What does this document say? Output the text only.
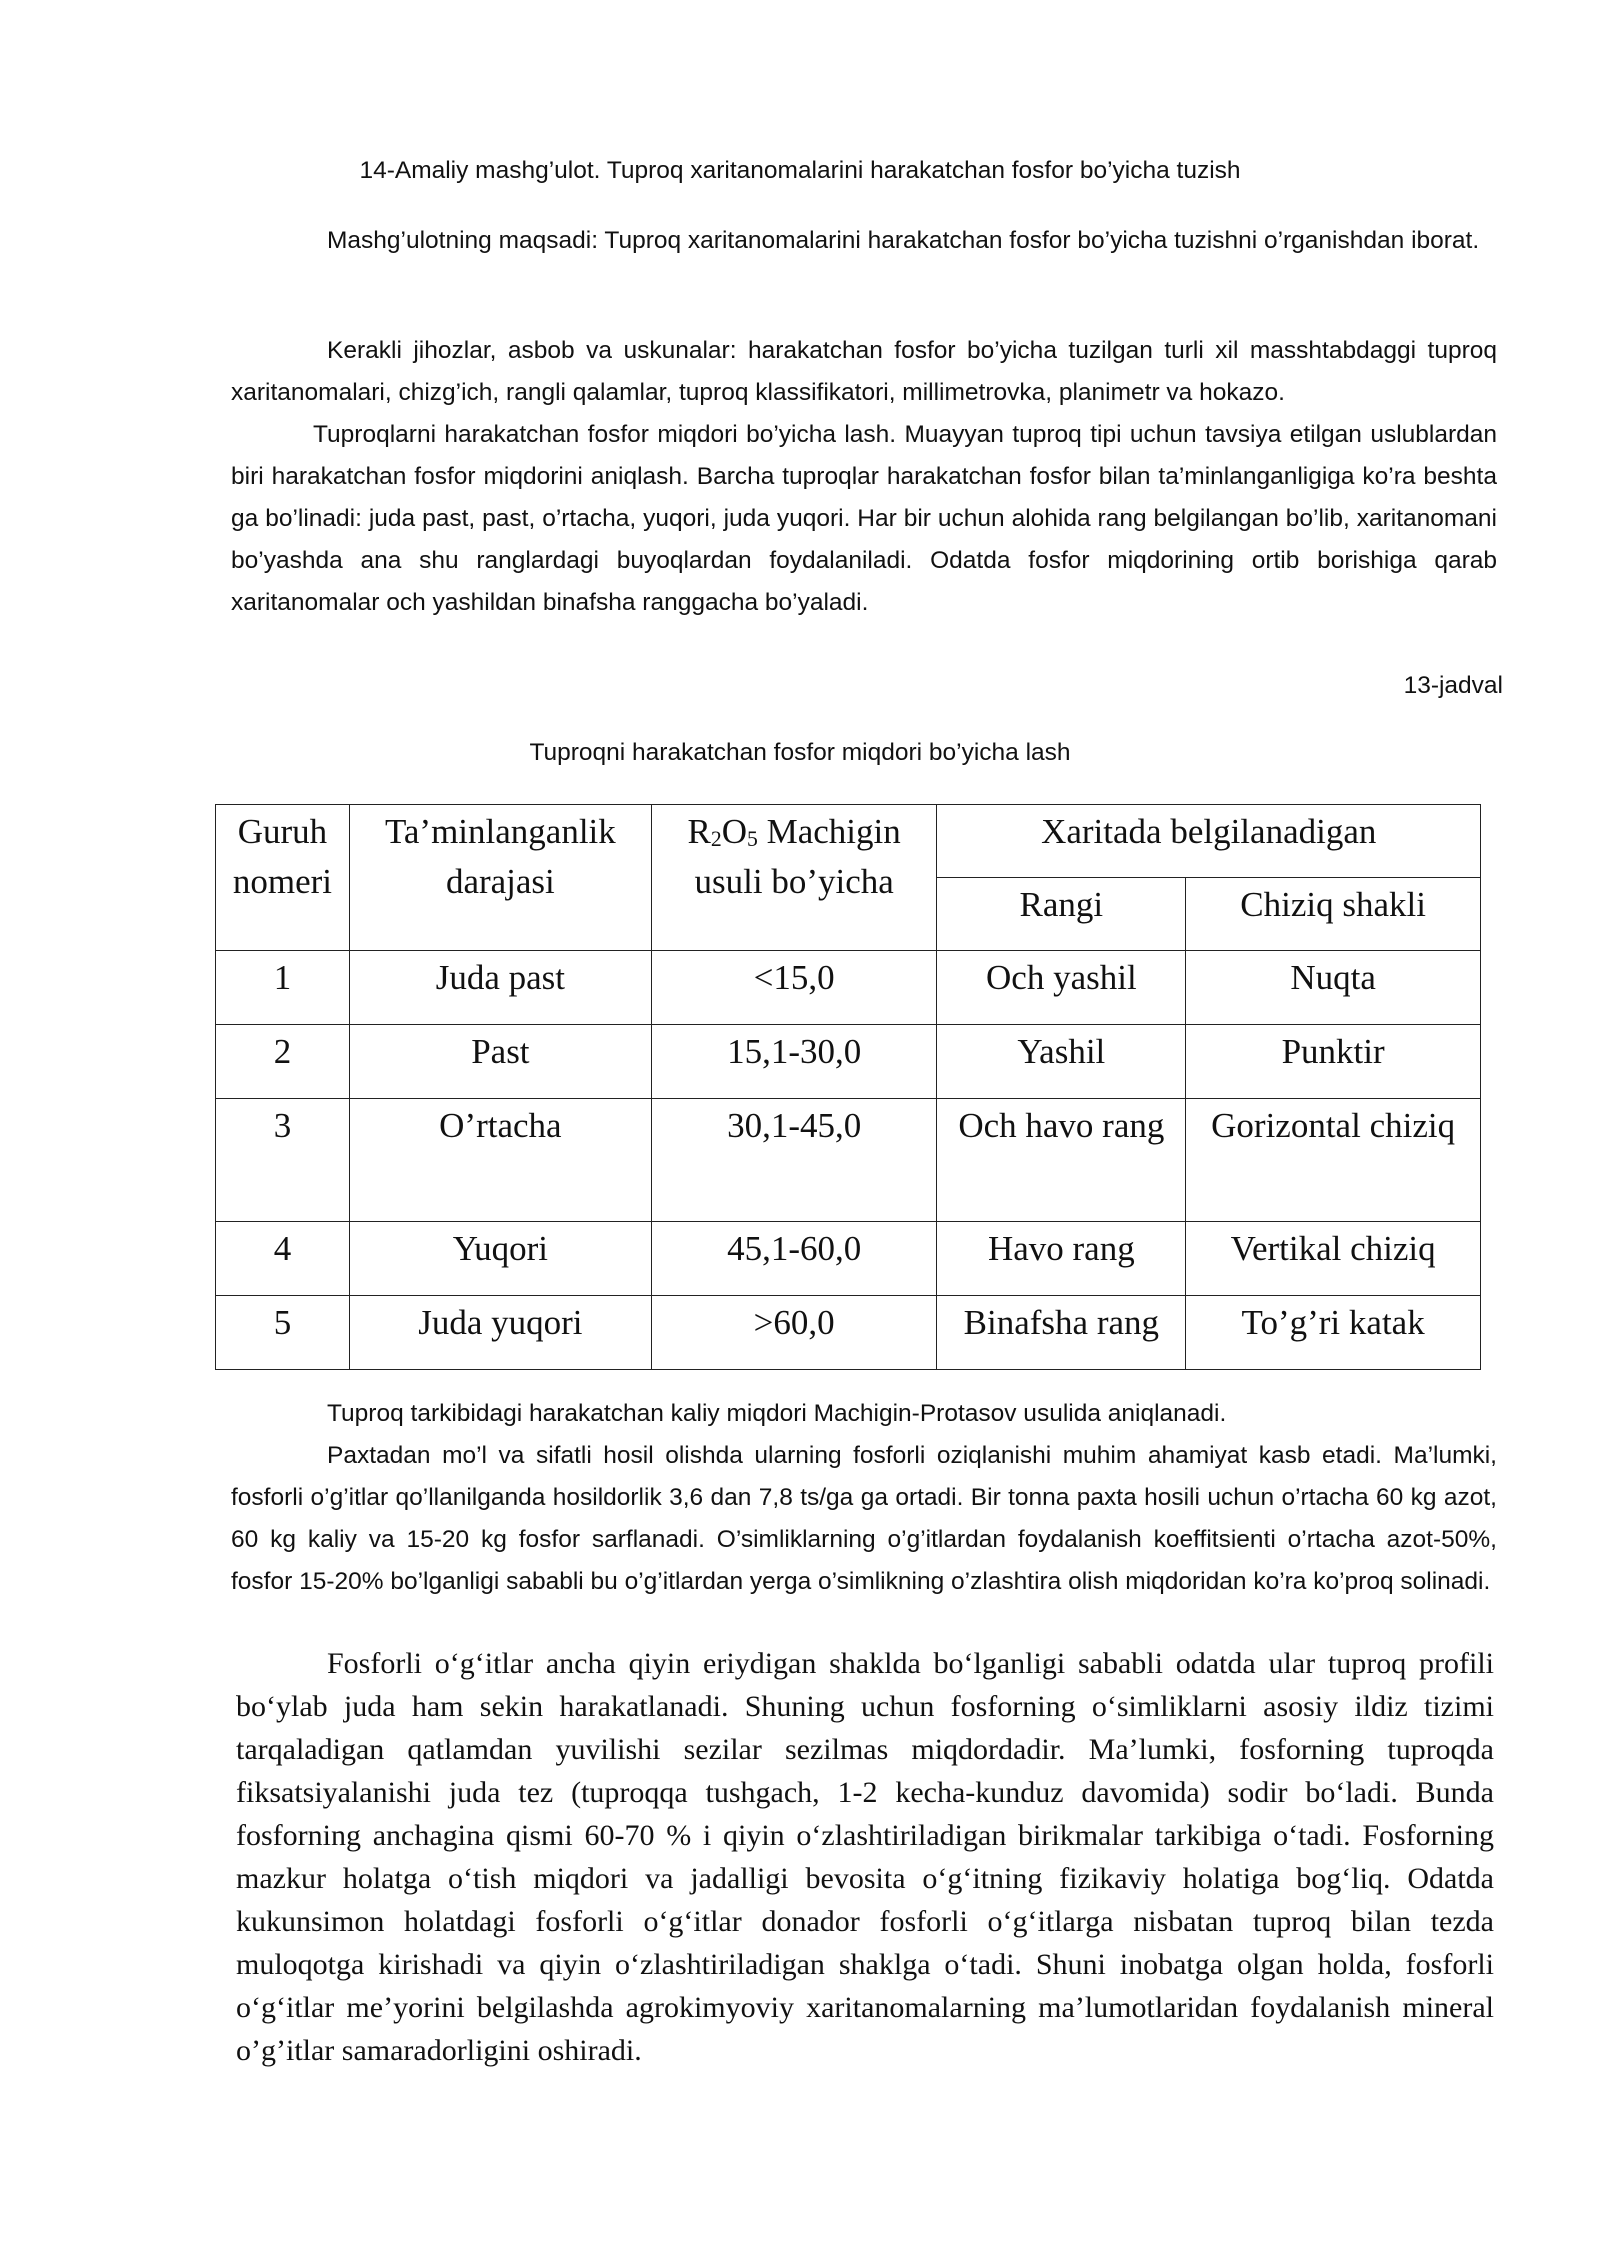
14-Amaliy mashg’ulot. Tuproq xaritanomalarini harakatchan fosfor bo’yicha tuzish

Mashg’ulotning maqsadi: Tuproq xaritanomalarini harakatchan fosfor bo’yicha tuzishni o’rganishdan iborat.

Kerakli jihozlar, asbob va uskunalar: harakatchan fosfor bo’yicha tuzilgan turli xil masshtabdaggi tuproq xaritanomalari, chizg’ich, rangli qalamlar, tuproq klassifikatori, millimetrovka, planimetr va hokazo.

Tuproqlarni harakatchan fosfor miqdori bo’yicha lash. Muayyan tuproq tipi uchun tavsiya etilgan uslublardan biri harakatchan fosfor miqdorini aniqlash. Barcha tuproqlar harakatchan fosfor bilan ta’minlanganligiga ko’ra beshta ga bo’linadi: juda past, past, o’rtacha, yuqori, juda yuqori. Har bir uchun alohida rang belgilangan bo’lib, xaritanomani bo’yashda ana shu ranglardagi buyoqlardan foydalaniladi. Odatda fosfor miqdorining ortib borishiga qarab xaritanomalar och yashildan binafsha ranggacha bo’yaladi.

13-jadval
Tuproqni harakatchan fosfor miqdori bo’yicha lash
Guruh nomeri	Ta’minlanganlik darajasi	$R_2O_5$ Machigin usuli bo’yicha	Xaritada belgilanadigan	
			Rangi	Chiziq shakli
1	Juda past	<15,0	Och yashil	Nuqta
2	Past	15,1-30,0	Yashil	Punktir
3	O’rtacha	30,1-45,0	Och havo rang	Gorizontal chiziq
4	Yuqori	45,1-60,0	Havo rang	Vertikal chiziq
5	Juda yuqori	>60,0	Binafsha rang	To’g’ri katak

Tuproq tarkibidagi harakatchan kaliy miqdori Machigin-Protasov usulida aniqlanadi.

Paxtadan mo’l va sifatli hosil olishda ularning fosforli oziqlanishi muhim ahamiyat kasb etadi. Ma’lumki, fosforli o’g’itlar qo’llanilganda hosildorlik 3,6 dan 7,8 ts/ga ga ortadi. Bir tonna paxta hosili uchun o’rtacha 60 kg azot, 60 kg kaliy va 15-20 kg fosfor sarflanadi. O’simliklarning o’g’itlardan foydalanish koeffitsienti o’rtacha azot-50%, fosfor 15-20% bo’lganligi sababli bu o’g’itlardan yerga o’simlikning o’zlashtira olish miqdoridan ko’ra ko’proq solinadi.

Fosforli oʻgʻitlar ancha qiyin eriydigan shaklda boʻlganligi sababli odatda ular tuproq profili boʻylab juda ham sekin harakatlanadi. Shuning uchun fosforning oʻsimliklarni asosiy ildiz tizimi tarqaladigan qatlamdan yuvilishi sezilar sezilmas miqdordadir. Ma’lumki, fosforning tuproqda fiksatsiyalanishi juda tez (tuproqqa tushgach, 1-2 kecha-kunduz davomida) sodir boʻladi. Bunda fosforning anchagina qismi 60-70 % i qiyin oʻzlashtiriladigan birikmalar tarkibiga oʻtadi. Fosforning mazkur holatga oʻtish miqdori va jadalligi bevosita oʻgʻitning fizikaviy holatiga bogʻliq. Odatda kukunsimon holatdagi fosforli oʻgʻitlar donador fosforli oʻgʻitlarga nisbatan tuproq bilan tezda muloqotga kirishadi va qiyin oʻzlashtiriladigan shaklga oʻtadi. Shuni inobatga olgan holda, fosforli oʻgʻitlar me’yorini belgilashda agrokimyoviy xaritanomalarning ma’lumotlaridan foydalanish mineral o’g’itlar samaradorligini oshiradi.
